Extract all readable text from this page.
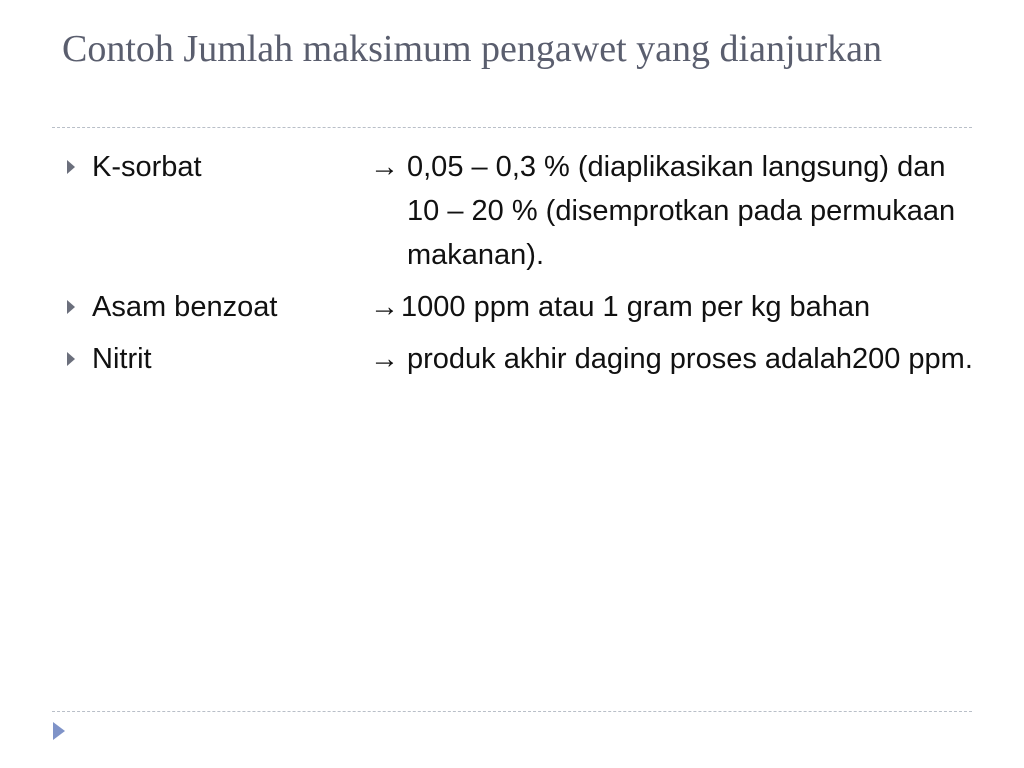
Contoh Jumlah maksimum pengawet yang dianjurkan
K-sorbat	→ 0,05 – 0,3 % (diaplikasikan langsung) dan 10 – 20 % (disemprotkan pada permukaan makanan).
Asam benzoat	→ 1000 ppm atau 1 gram per kg bahan
Nitrit	→ produk akhir daging proses adalah200 ppm.
